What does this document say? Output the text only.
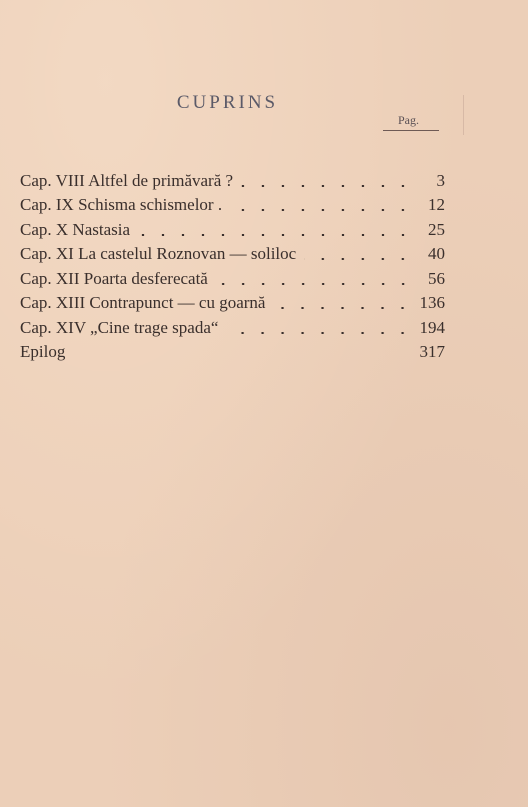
CUPRINS
Pag.
Cap. VIII Altfel de primăvară ?	3
Cap. IX Schisma schismelor .	12
Cap. X Nastasia	25
Cap. XI La castelul Roznovan — soliloc	40
Cap. XII Poarta desferecată	56
Cap. XIII Contrapunct — cu goarnă	136
Cap. XIV „Cine trage spada“	194
Epilog	317
